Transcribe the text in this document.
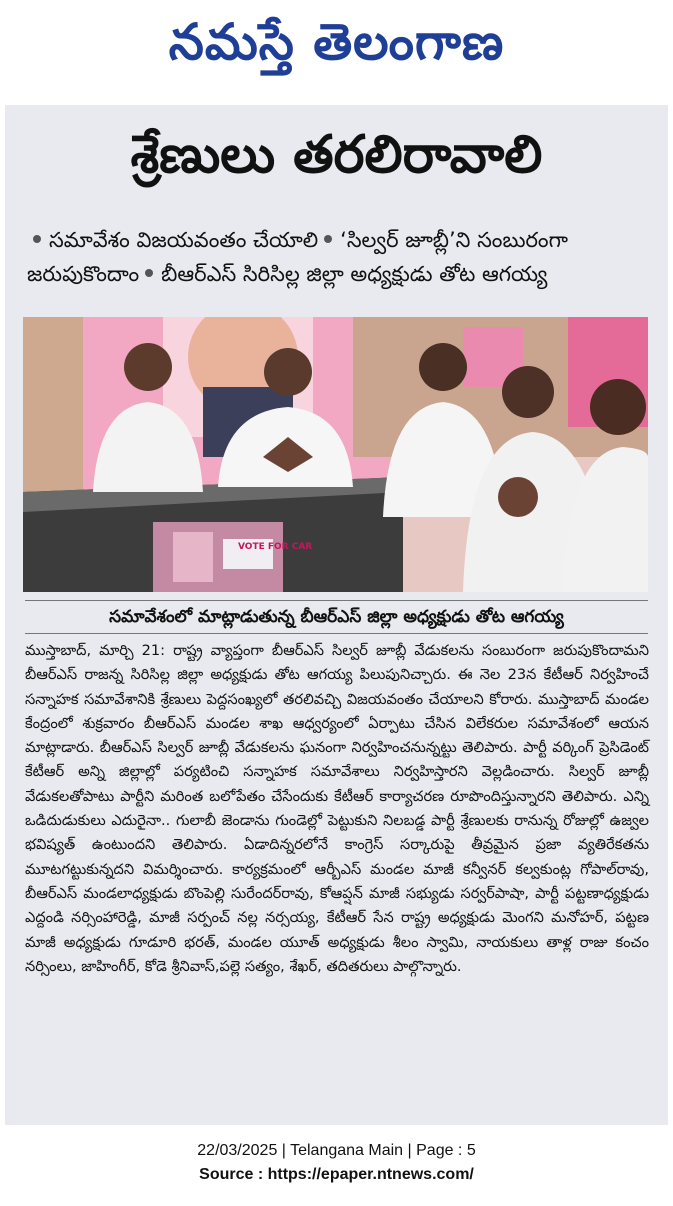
నమస్తే తెలంగాణ
శ్రేణులు తరలిరావాలి
సమావేశం విజయవంతం చేయాలి ‘సిల్వర్ జూబ్లీ’ని సంబురంగా
జరుపుకొందాం బీఆర్ఎస్ సిరిసిల్ల జిల్లా అధ్యక్షుడు తోట ఆగయ్య
VOTE FOR CAR
సమావేశంలో మాట్లాడుతున్న బీఆర్ఎస్ జిల్లా అధ్యక్షుడు తోట ఆగయ్య

ముస్తాబాద్, మార్చి 21: రాష్ట్ర వ్యాప్తంగా బీఆర్ఎస్ సిల్వర్ జూబ్లీ వేడుకలను సంబురంగా జరుపుకొందామని బీఆర్ఎస్ రాజన్న సిరిసిల్ల జిల్లా అధ్యక్షుడు తోట ఆగయ్య పిలుపునిచ్చారు. ఈ నెల 23న కేటీఆర్ నిర్వహించే సన్నాహక సమావేశానికి శ్రేణులు పెద్దసంఖ్యలో తరలివచ్చి విజయవంతం చేయాలని కోరారు. ముస్తాబాద్ మండల కేంద్రంలో శుక్రవారం బీఆర్ఎస్ మండల శాఖ ఆధ్వర్యంలో ఏర్పాటు చేసిన విలేకరుల సమావేశంలో ఆయన మాట్లాడారు. బీఆర్ఎస్ సిల్వర్ జూబ్లీ వేడుకలను ఘనంగా నిర్వహించనున్నట్టు తెలిపారు. పార్టీ వర్కింగ్ ప్రెసిడెంట్ కేటీఆర్ అన్ని జిల్లాల్లో పర్యటించి సన్నాహక సమావేశాలు నిర్వహిస్తారని వెల్లడించారు. సిల్వర్ జూబ్లీ వేడుకలతోపాటు పార్టీని మరింత బలోపేతం చేసేందుకు కేటీఆర్ కార్యాచరణ రూపొందిస్తున్నారని తెలిపారు. ఎన్ని ఒడిదుడుకులు ఎదురైనా.. గులాబీ జెండాను గుండెల్లో పెట్టుకుని నిలబడ్డ పార్టీ శ్రేణులకు రానున్న రోజుల్లో ఉజ్వల భవిష్యత్ ఉంటుందని తెలిపారు. ఏడాదిన్నరలోనే కాంగ్రెస్ సర్కారుపై తీవ్రమైన ప్రజా వ్యతిరేకతను మూటగట్టుకున్నదని విమర్శించారు. కార్యక్రమంలో ఆర్బీఎస్ మండల మాజీ కన్వీనర్ కల్వకుంట్ల గోపాల్‌రావు, బీఆర్ఎస్ మండలాధ్యక్షుడు బొంపెల్లి సురేందర్‌రావు, కోఆప్షన్ మాజీ సభ్యుడు సర్వర్‌పాషా, పార్టీ పట్టణాధ్యక్షుడు ఎద్దండి నర్సింహారెడ్డి, మాజీ సర్పంచ్ నల్ల నర్సయ్య, కేటీఆర్ సేన రాష్ట్ర అధ్యక్షుడు మెంగని మనోహర్, పట్టణ మాజీ అధ్యక్షుడు గూడూరి భరత్, మండల యూత్ అధ్యక్షుడు శీలం స్వామి, నాయకులు తాళ్ల రాజు కంచం నర్సింలు, జాహింగీర్, కోడె శ్రీనివాస్,పల్లె సత్యం, శేఖర్, తదితరులు పాల్గొన్నారు.

22/03/2025 | Telangana Main | Page : 5
Source : https://epaper.ntnews.com/
